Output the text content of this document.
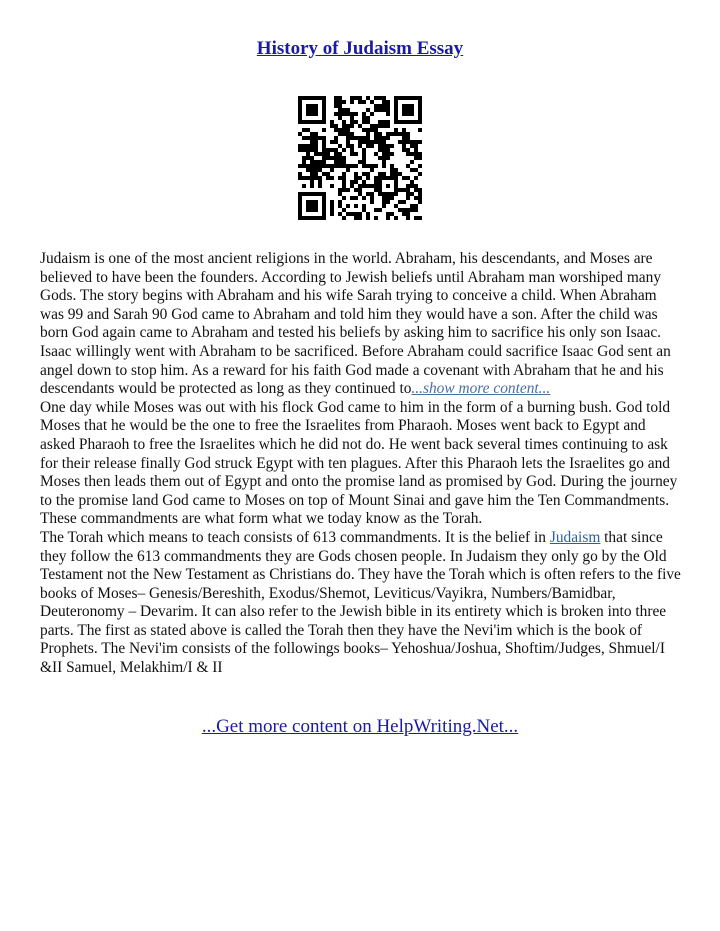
History of Judaism Essay

Judaism is one of the most ancient religions in the world. Abraham, his descendants, and Moses are believed to have been the founders. According to Jewish beliefs until Abraham man worshiped many Gods. The story begins with Abraham and his wife Sarah trying to conceive a child. When Abraham was 99 and Sarah 90 God came to Abraham and told him they would have a son. After the child was born God again came to Abraham and tested his beliefs by asking him to sacrifice his only son Isaac. Isaac willingly went with Abraham to be sacrificed. Before Abraham could sacrifice Isaac God sent an angel down to stop him. As a reward for his faith God made a covenant with Abraham that he and his descendants would be protected as long as they continued to...show more content...

One day while Moses was out with his flock God came to him in the form of a burning bush. God told Moses that he would be the one to free the Israelites from Pharaoh. Moses went back to Egypt and asked Pharaoh to free the Israelites which he did not do. He went back several times continuing to ask for their release finally God struck Egypt with ten plagues. After this Pharaoh lets the Israelites go and Moses then leads them out of Egypt and onto the promise land as promised by God. During the journey to the promise land God came to Moses on top of Mount Sinai and gave him the Ten Commandments. These commandments are what form what we today know as the Torah.

The Torah which means to teach consists of 613 commandments. It is the belief in Judaism that since they follow the 613 commandments they are Gods chosen people. In Judaism they only go by the Old Testament not the New Testament as Christians do. They have the Torah which is often refers to the five books of Moses– Genesis/Bereshith, Exodus/Shemot, Leviticus/Vayikra, Numbers/Bamidbar, Deuteronomy – Devarim. It can also refer to the Jewish bible in its entirety which is broken into three parts. The first as stated above is called the Torah then they have the Nevi'im which is the book of Prophets. The Nevi'im consists of the followings books– Yehoshua/Joshua, Shoftim/Judges, Shmuel/I &II Samuel, Melakhim/I & II

...Get more content on HelpWriting.Net...
